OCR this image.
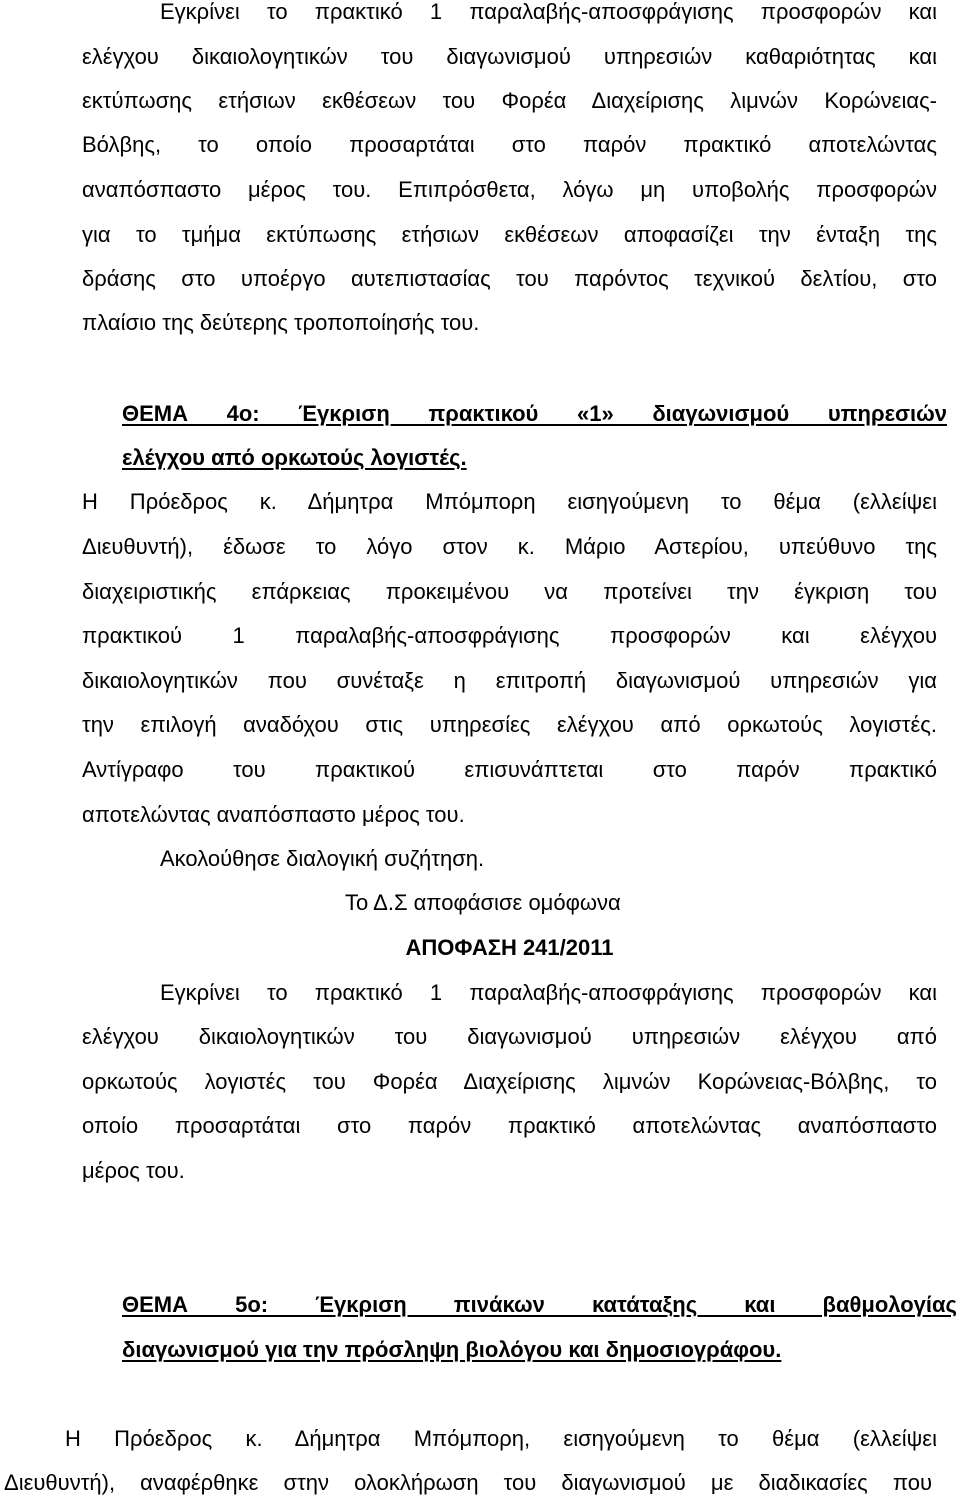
Εγκρίνει το πρακτικό 1 παραλαβής-αποσφράγισης προσφορών και
ελέγχου δικαιολογητικών του διαγωνισμού υπηρεσιών καθαριότητας και
εκτύπωσης ετήσιων εκθέσεων του Φορέα Διαχείρισης λιμνών Κορώνειας-
Βόλβης, το οποίο προσαρτάται στο παρόν πρακτικό αποτελώντας
αναπόσπαστο μέρος του. Επιπρόσθετα, λόγω μη υποβολής προσφορών
για το τμήμα εκτύπωσης ετήσιων εκθέσεων αποφασίζει την ένταξη της
δράσης στο υποέργο αυτεπιστασίας του παρόντος τεχνικού δελτίου, στο
πλαίσιο της δεύτερης τροποποίησής του.
ΘΕΜΑ 4ο: Έγκριση πρακτικού «1» διαγωνισμού υπηρεσιών
ελέγχου από ορκωτούς λογιστές.
Η Πρόεδρος κ. Δήμητρα Μπόμπορη εισηγούμενη το θέμα (ελλείψει
Διευθυντή), έδωσε το λόγο στον κ. Μάριο Αστερίου, υπεύθυνο της
διαχειριστικής επάρκειας προκειμένου να προτείνει την έγκριση του
πρακτικού 1 παραλαβής-αποσφράγισης προσφορών και ελέγχου
δικαιολογητικών που συνέταξε η επιτροπή διαγωνισμού υπηρεσιών για
την επιλογή αναδόχου στις υπηρεσίες ελέγχου από ορκωτούς λογιστές.
Αντίγραφο του πρακτικού επισυνάπτεται στο παρόν πρακτικό
αποτελώντας αναπόσπαστο μέρος του.
Ακολούθησε διαλογική συζήτηση.
Το Δ.Σ αποφάσισε ομόφωνα
ΑΠΟΦΑΣΗ 241/2011
Εγκρίνει το πρακτικό 1 παραλαβής-αποσφράγισης προσφορών και
ελέγχου δικαιολογητικών του διαγωνισμού υπηρεσιών ελέγχου από
ορκωτούς λογιστές του Φορέα Διαχείρισης λιμνών Κορώνειας-Βόλβης, το
οποίο προσαρτάται στο παρόν πρακτικό αποτελώντας αναπόσπαστο
μέρος του.
ΘΕΜΑ 5ο: Έγκριση πινάκων κατάταξης και βαθμολογίας
διαγωνισμού για την πρόσληψη βιολόγου και δημοσιογράφου.
Η Πρόεδρος κ. Δήμητρα Μπόμπορη, εισηγούμενη το θέμα (ελλείψει
Διευθυντή), αναφέρθηκε στην ολοκλήρωση του διαγωνισμού με διαδικασίες που
